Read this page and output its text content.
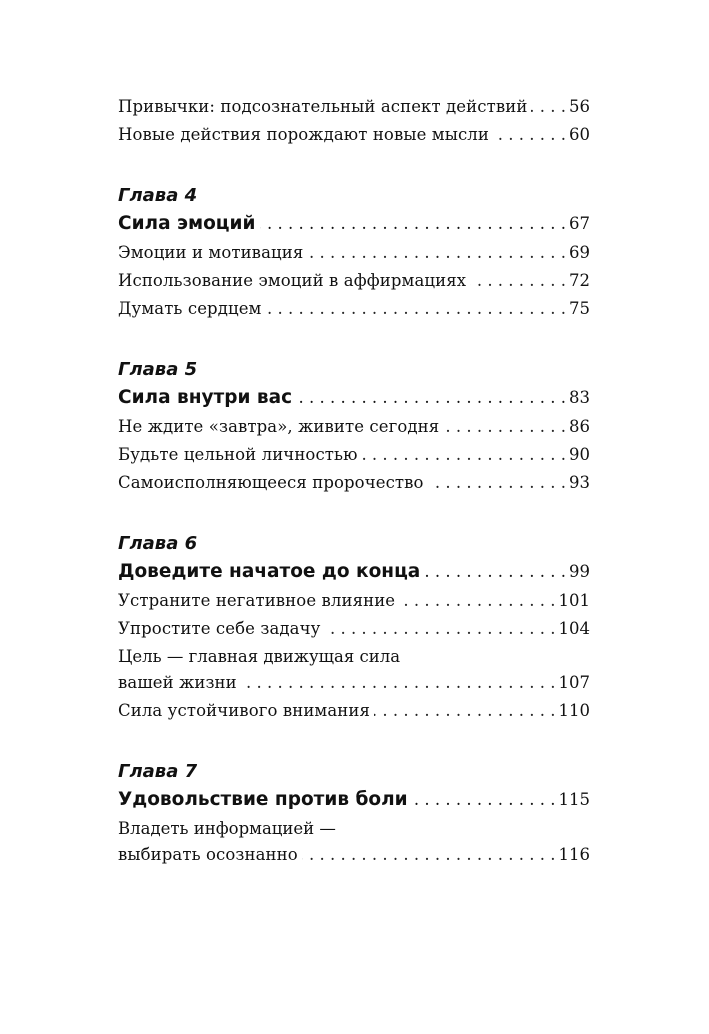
Привычки: подсознательный аспект действий . . .	56
Новые действия порождают новые мысли . . .	60
Глава 4
Сила эмоций . . .	67
Эмоции и мотивация . . .	69
Использование эмоций в аффирмациях . . .	72
Думать сердцем . . .	75
Глава 5
Сила внутри вас . . .	83
Не ждите «завтра», живите сегодня . . .	86
Будьте цельной личностью . . .	90
Самоисполняющееся пророчество . . .	93
Глава 6
Доведите начатое до конца . . .	99
Устраните негативное влияние . . .	101
Упростите себе задачу . . .	104
Цель — главная движущая сила
вашей жизни . . .	107
Сила устойчивого внимания . . .	110
Глава 7
Удовольствие против боли . . .	115
Владеть информацией —
выбирать осознанно . . .	116
